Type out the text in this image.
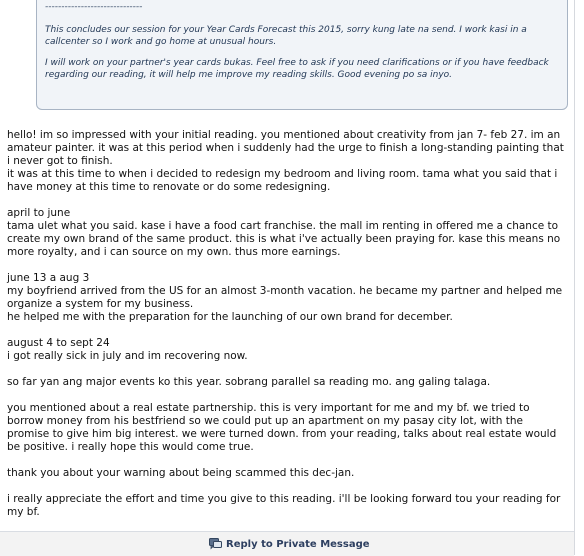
------------------------------

This concludes our session for your Year Cards Forecast this 2015, sorry kung late na send. I work kasi in a callcenter so I work and go home at unusual hours.

I will work on your partner's year cards bukas. Feel free to ask if you need clarifications or if you have feedback regarding our reading, it will help me improve my reading skills. Good evening po sa inyo.

hello! im so impressed with your initial reading. you mentioned about creativity from jan 7- feb 27. im an amateur painter. it was at this period when i suddenly had the urge to finish a long-standing painting that i never got to finish.
it was at this time to when i decided to redesign my bedroom and living room. tama what you said that i have money at this time to renovate or do some redesigning.

april to june
tama ulet what you said. kase i have a food cart franchise. the mall im renting in offered me a chance to create my own brand of the same product. this is what i've actually been praying for. kase this means no more royalty, and i can source on my own. thus more earnings.

june 13 a aug 3
my boyfriend arrived from the US for an almost 3-month vacation. he became my partner and helped me organize a system for my business.
he helped me with the preparation for the launching of our own brand for december.

august 4 to sept 24
i got really sick in july and im recovering now.

so far yan ang major events ko this year. sobrang parallel sa reading mo. ang galing talaga.

you mentioned about a real estate partnership. this is very important for me and my bf. we tried to borrow money from his bestfriend so we could put up an apartment on my pasay city lot, with the promise to give him big interest. we were turned down. from your reading, talks about real estate would be positive. i really hope this would come true.

thank you about your warning about being scammed this dec-jan.

i really appreciate the effort and time you give to this reading. i'll be looking forward tou your reading for my bf.

Reply to Private Message
